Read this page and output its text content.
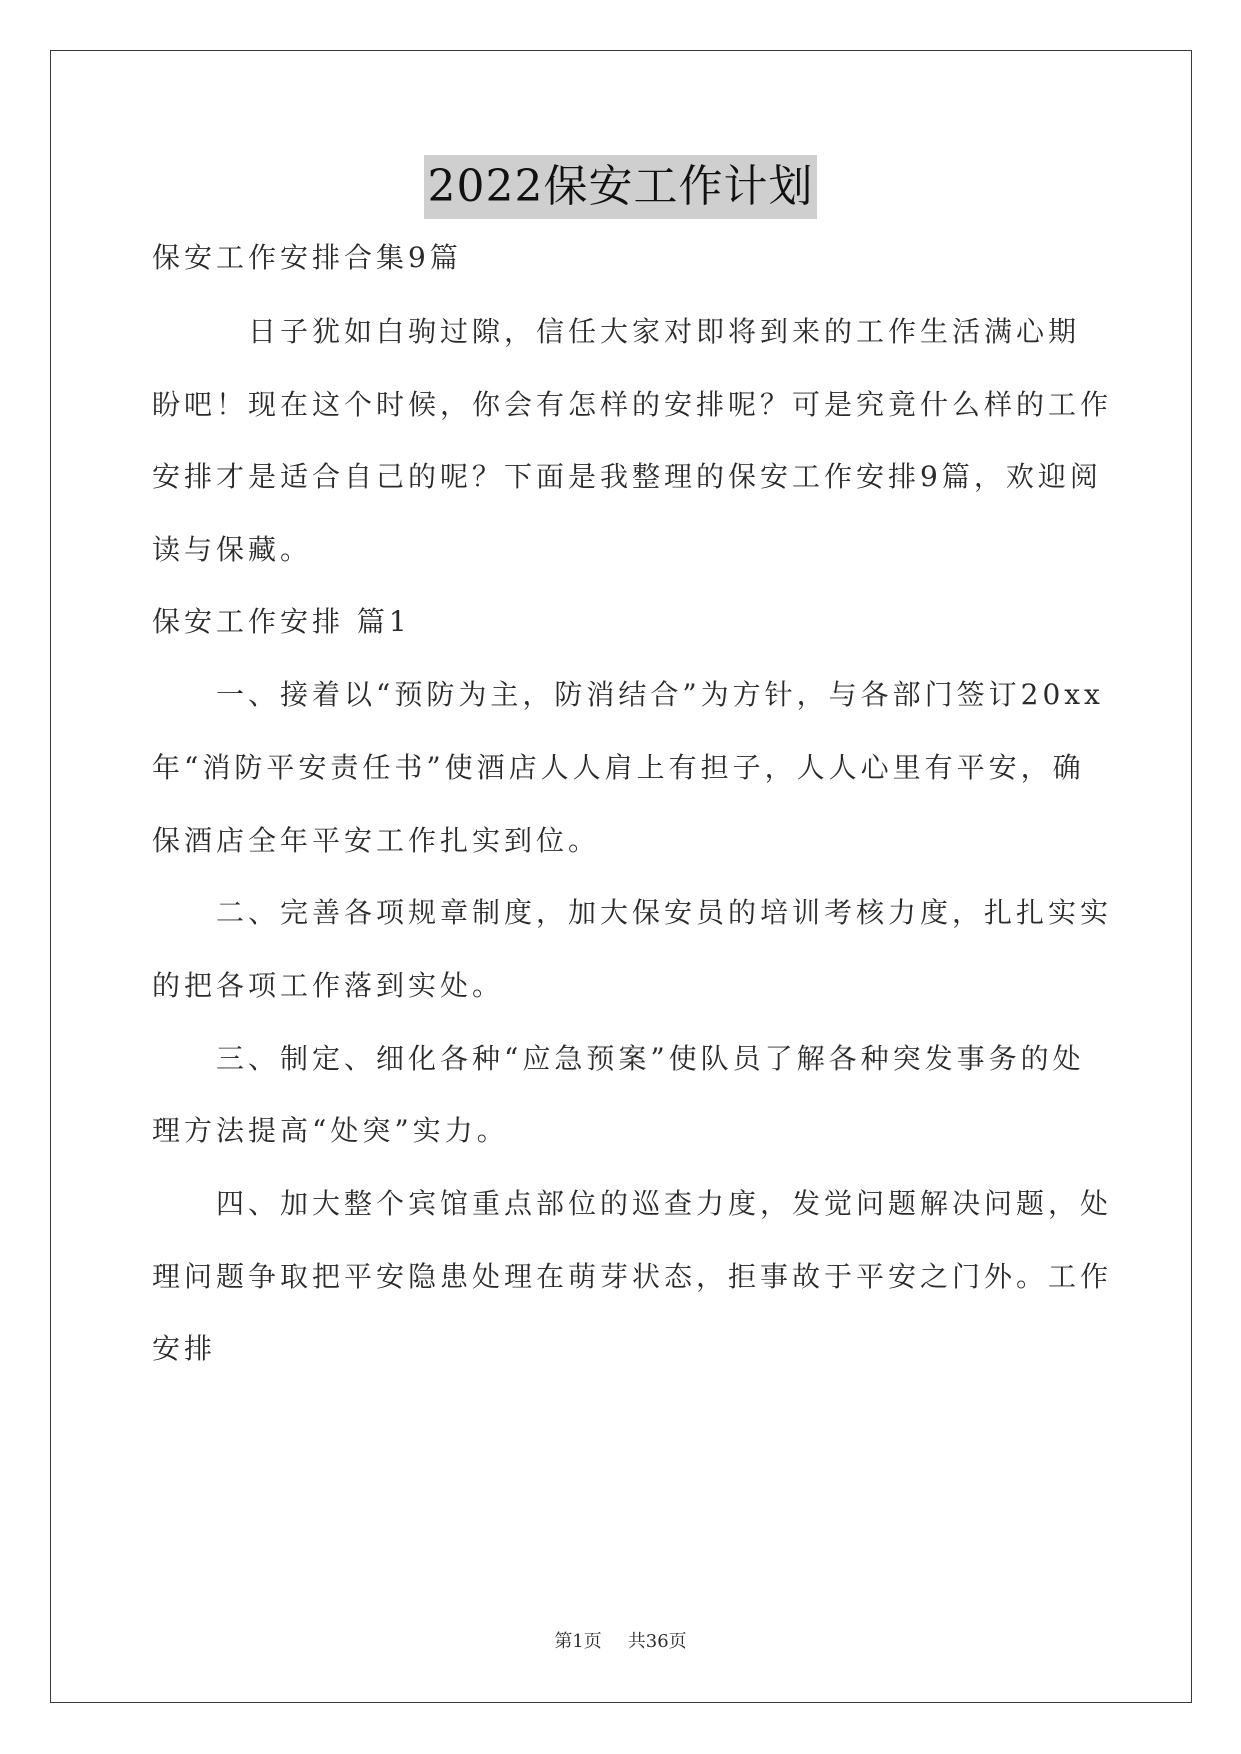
2022保安工作计划
保安工作安排合集9篇
　　　日子犹如白驹过隙，信任大家对即将到来的工作生活满心期
盼吧！现在这个时候，你会有怎样的安排呢？可是究竟什么样的工作
安排才是适合自己的呢？下面是我整理的保安工作安排9篇，欢迎阅
读与保藏。
保安工作安排 篇1
　　一、接着以“预防为主，防消结合”为方针，与各部门签订20xx
年“消防平安责任书”使酒店人人肩上有担子，人人心里有平安，确
保酒店全年平安工作扎实到位。
　　二、完善各项规章制度，加大保安员的培训考核力度，扎扎实实
的把各项工作落到实处。
　　三、制定、细化各种“应急预案”使队员了解各种突发事务的处
理方法提高“处突”实力。
　　四、加大整个宾馆重点部位的巡查力度，发觉问题解决问题，处
理问题争取把平安隐患处理在萌芽状态，拒事故于平安之门外。工作
安排
第1页 共36页
